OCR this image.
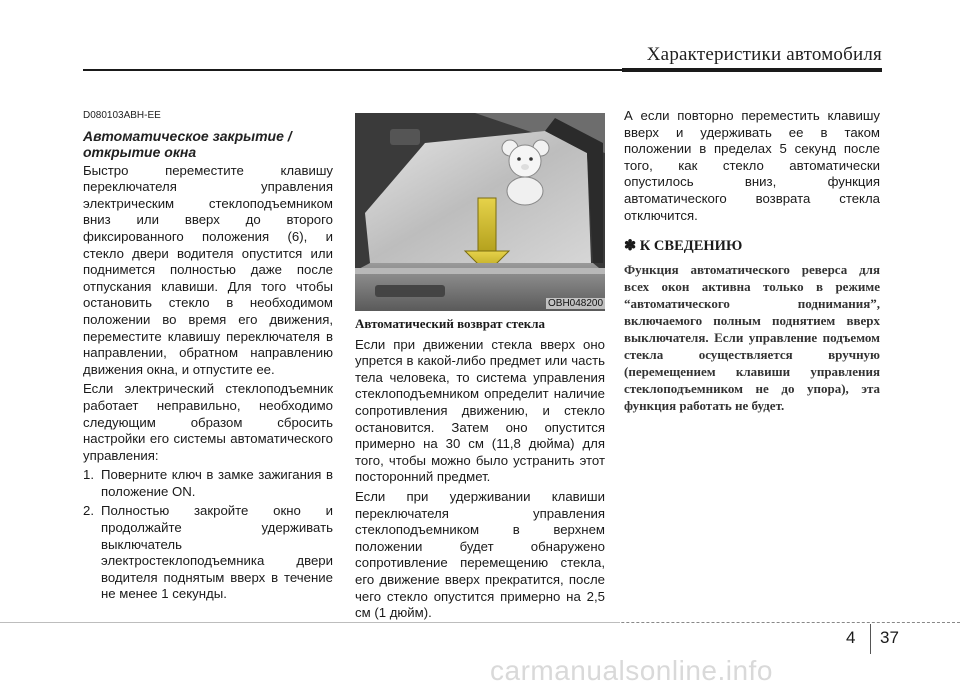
Характеристики автомобиля
D080103ABH-EE
Автоматическое закрытие / открытие окна

Быстро переместите клавишу переключателя управления электрическим стеклоподъемником вниз или вверх до второго фиксированного положения (6), и стекло двери водителя опустится или поднимется полностью даже после отпускания клавиши. Для того чтобы остановить стекло в необходимом положении во время его движения, переместите клавишу переключателя в направлении, обратном направлению движения окна, и отпустите ее.

Если электрический стеклоподъемник работает неправильно, необходимо следующим образом сбросить настройки его системы автоматического управления:

1. Поверните ключ в замке зажигания в положение ON.
2. Полностью закройте окно и продолжайте удерживать выключатель электростеклоподъемника двери водителя поднятым вверх в течение не менее 1 секунды.
OBH048200
Автоматический возврат стекла

Если при движении стекла вверх оно упрется в какой-либо предмет или часть тела человека, то система управления стеклоподъемником определит наличие сопротивления движению, и стекло остановится. Затем оно опустится примерно на 30 см (11,8 дюйма) для того, чтобы можно было устранить этот посторонний предмет.

Если при удерживании клавиши переключателя управления стеклоподъемником в верхнем положении будет обнаружено сопротивление перемещению стекла, его движение вверх прекратится, после чего стекло опустится примерно на 2,5 см (1 дюйм).

А если повторно переместить клавишу вверх и удерживать ее в таком положении в пределах 5 секунд после того, как стекло автоматически опустилось вниз, функция автоматического возврата стекла отключится.

✽ К СВЕДЕНИЮ
Функция автоматического реверса для всех окон активна только в режиме “автоматического поднимания”, включаемого полным поднятием вверх выключателя. Если управление подъемом стекла осуществляется вручную (перемещением клавиши управления стеклоподъемником не до упора), эта функция работать не будет.
4 37
carmanualsonline.info
